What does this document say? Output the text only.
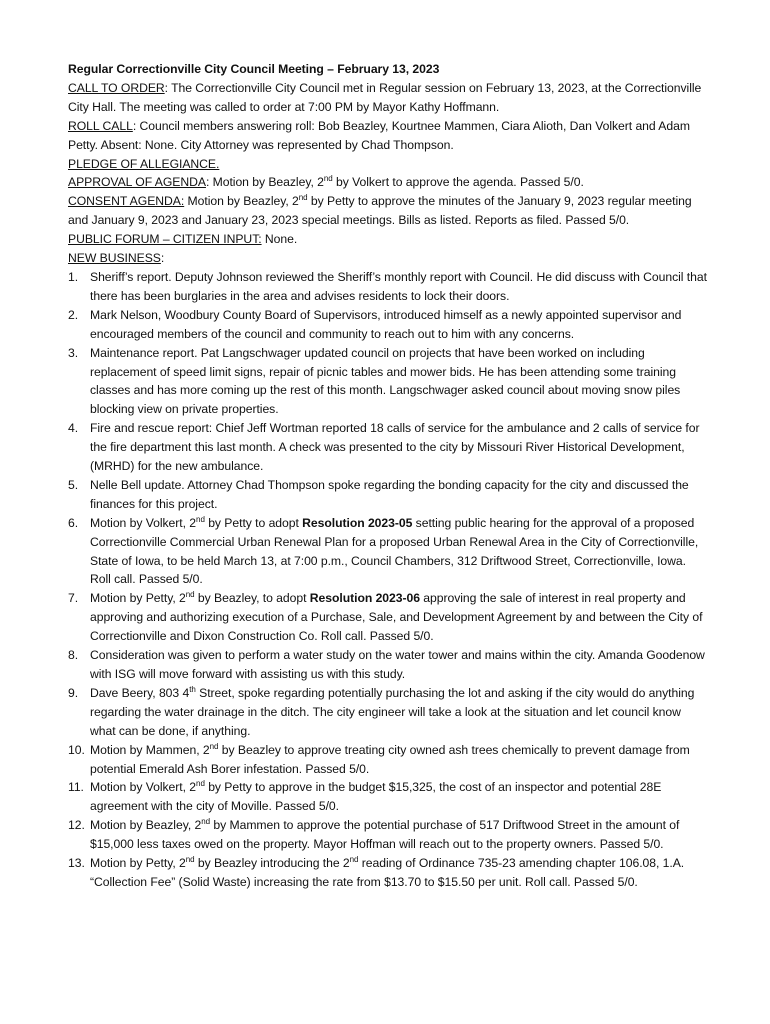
Regular Correctionville City Council Meeting – February 13, 2023

CALL TO ORDER: The Correctionville City Council met in Regular session on February 13, 2023, at the Correctionville City Hall. The meeting was called to order at 7:00 PM by Mayor Kathy Hoffmann.

ROLL CALL: Council members answering roll: Bob Beazley, Kourtnee Mammen, Ciara Alioth, Dan Volkert and Adam Petty. Absent: None. City Attorney was represented by Chad Thompson.

PLEDGE OF ALLEGIANCE.

APPROVAL OF AGENDA: Motion by Beazley, 2nd by Volkert to approve the agenda. Passed 5/0.

CONSENT AGENDA: Motion by Beazley, 2nd by Petty to approve the minutes of the January 9, 2023 regular meeting and January 9, 2023 and January 23, 2023 special meetings. Bills as listed. Reports as filed. Passed 5/0.

PUBLIC FORUM – CITIZEN INPUT: None.

NEW BUSINESS:

1. Sheriff’s report. Deputy Johnson reviewed the Sheriff’s monthly report with Council. He did discuss with Council that there has been burglaries in the area and advises residents to lock their doors.
2. Mark Nelson, Woodbury County Board of Supervisors, introduced himself as a newly appointed supervisor and encouraged members of the council and community to reach out to him with any concerns.
3. Maintenance report. Pat Langschwager updated council on projects that have been worked on including replacement of speed limit signs, repair of picnic tables and mower bids. He has been attending some training classes and has more coming up the rest of this month. Langschwager asked council about moving snow piles blocking view on private properties.
4. Fire and rescue report: Chief Jeff Wortman reported 18 calls of service for the ambulance and 2 calls of service for the fire department this last month. A check was presented to the city by Missouri River Historical Development, (MRHD) for the new ambulance.
5. Nelle Bell update. Attorney Chad Thompson spoke regarding the bonding capacity for the city and discussed the finances for this project.
6. Motion by Volkert, 2nd by Petty to adopt Resolution 2023-05 setting public hearing for the approval of a proposed Correctionville Commercial Urban Renewal Plan for a proposed Urban Renewal Area in the City of Correctionville, State of Iowa, to be held March 13, at 7:00 p.m., Council Chambers, 312 Driftwood Street, Correctionville, Iowa. Roll call. Passed 5/0.
7. Motion by Petty, 2nd by Beazley, to adopt Resolution 2023-06 approving the sale of interest in real property and approving and authorizing execution of a Purchase, Sale, and Development Agreement by and between the City of Correctionville and Dixon Construction Co. Roll call. Passed 5/0.
8. Consideration was given to perform a water study on the water tower and mains within the city. Amanda Goodenow with ISG will move forward with assisting us with this study.
9. Dave Beery, 803 4th Street, spoke regarding potentially purchasing the lot and asking if the city would do anything regarding the water drainage in the ditch. The city engineer will take a look at the situation and let council know what can be done, if anything.
10. Motion by Mammen, 2nd by Beazley to approve treating city owned ash trees chemically to prevent damage from potential Emerald Ash Borer infestation. Passed 5/0.
11. Motion by Volkert, 2nd by Petty to approve in the budget $15,325, the cost of an inspector and potential 28E agreement with the city of Moville. Passed 5/0.
12. Motion by Beazley, 2nd by Mammen to approve the potential purchase of 517 Driftwood Street in the amount of $15,000 less taxes owed on the property. Mayor Hoffman will reach out to the property owners. Passed 5/0.
13. Motion by Petty, 2nd by Beazley introducing the 2nd reading of Ordinance 735-23 amending chapter 106.08, 1.A. “Collection Fee” (Solid Waste) increasing the rate from $13.70 to $15.50 per unit. Roll call. Passed 5/0.
